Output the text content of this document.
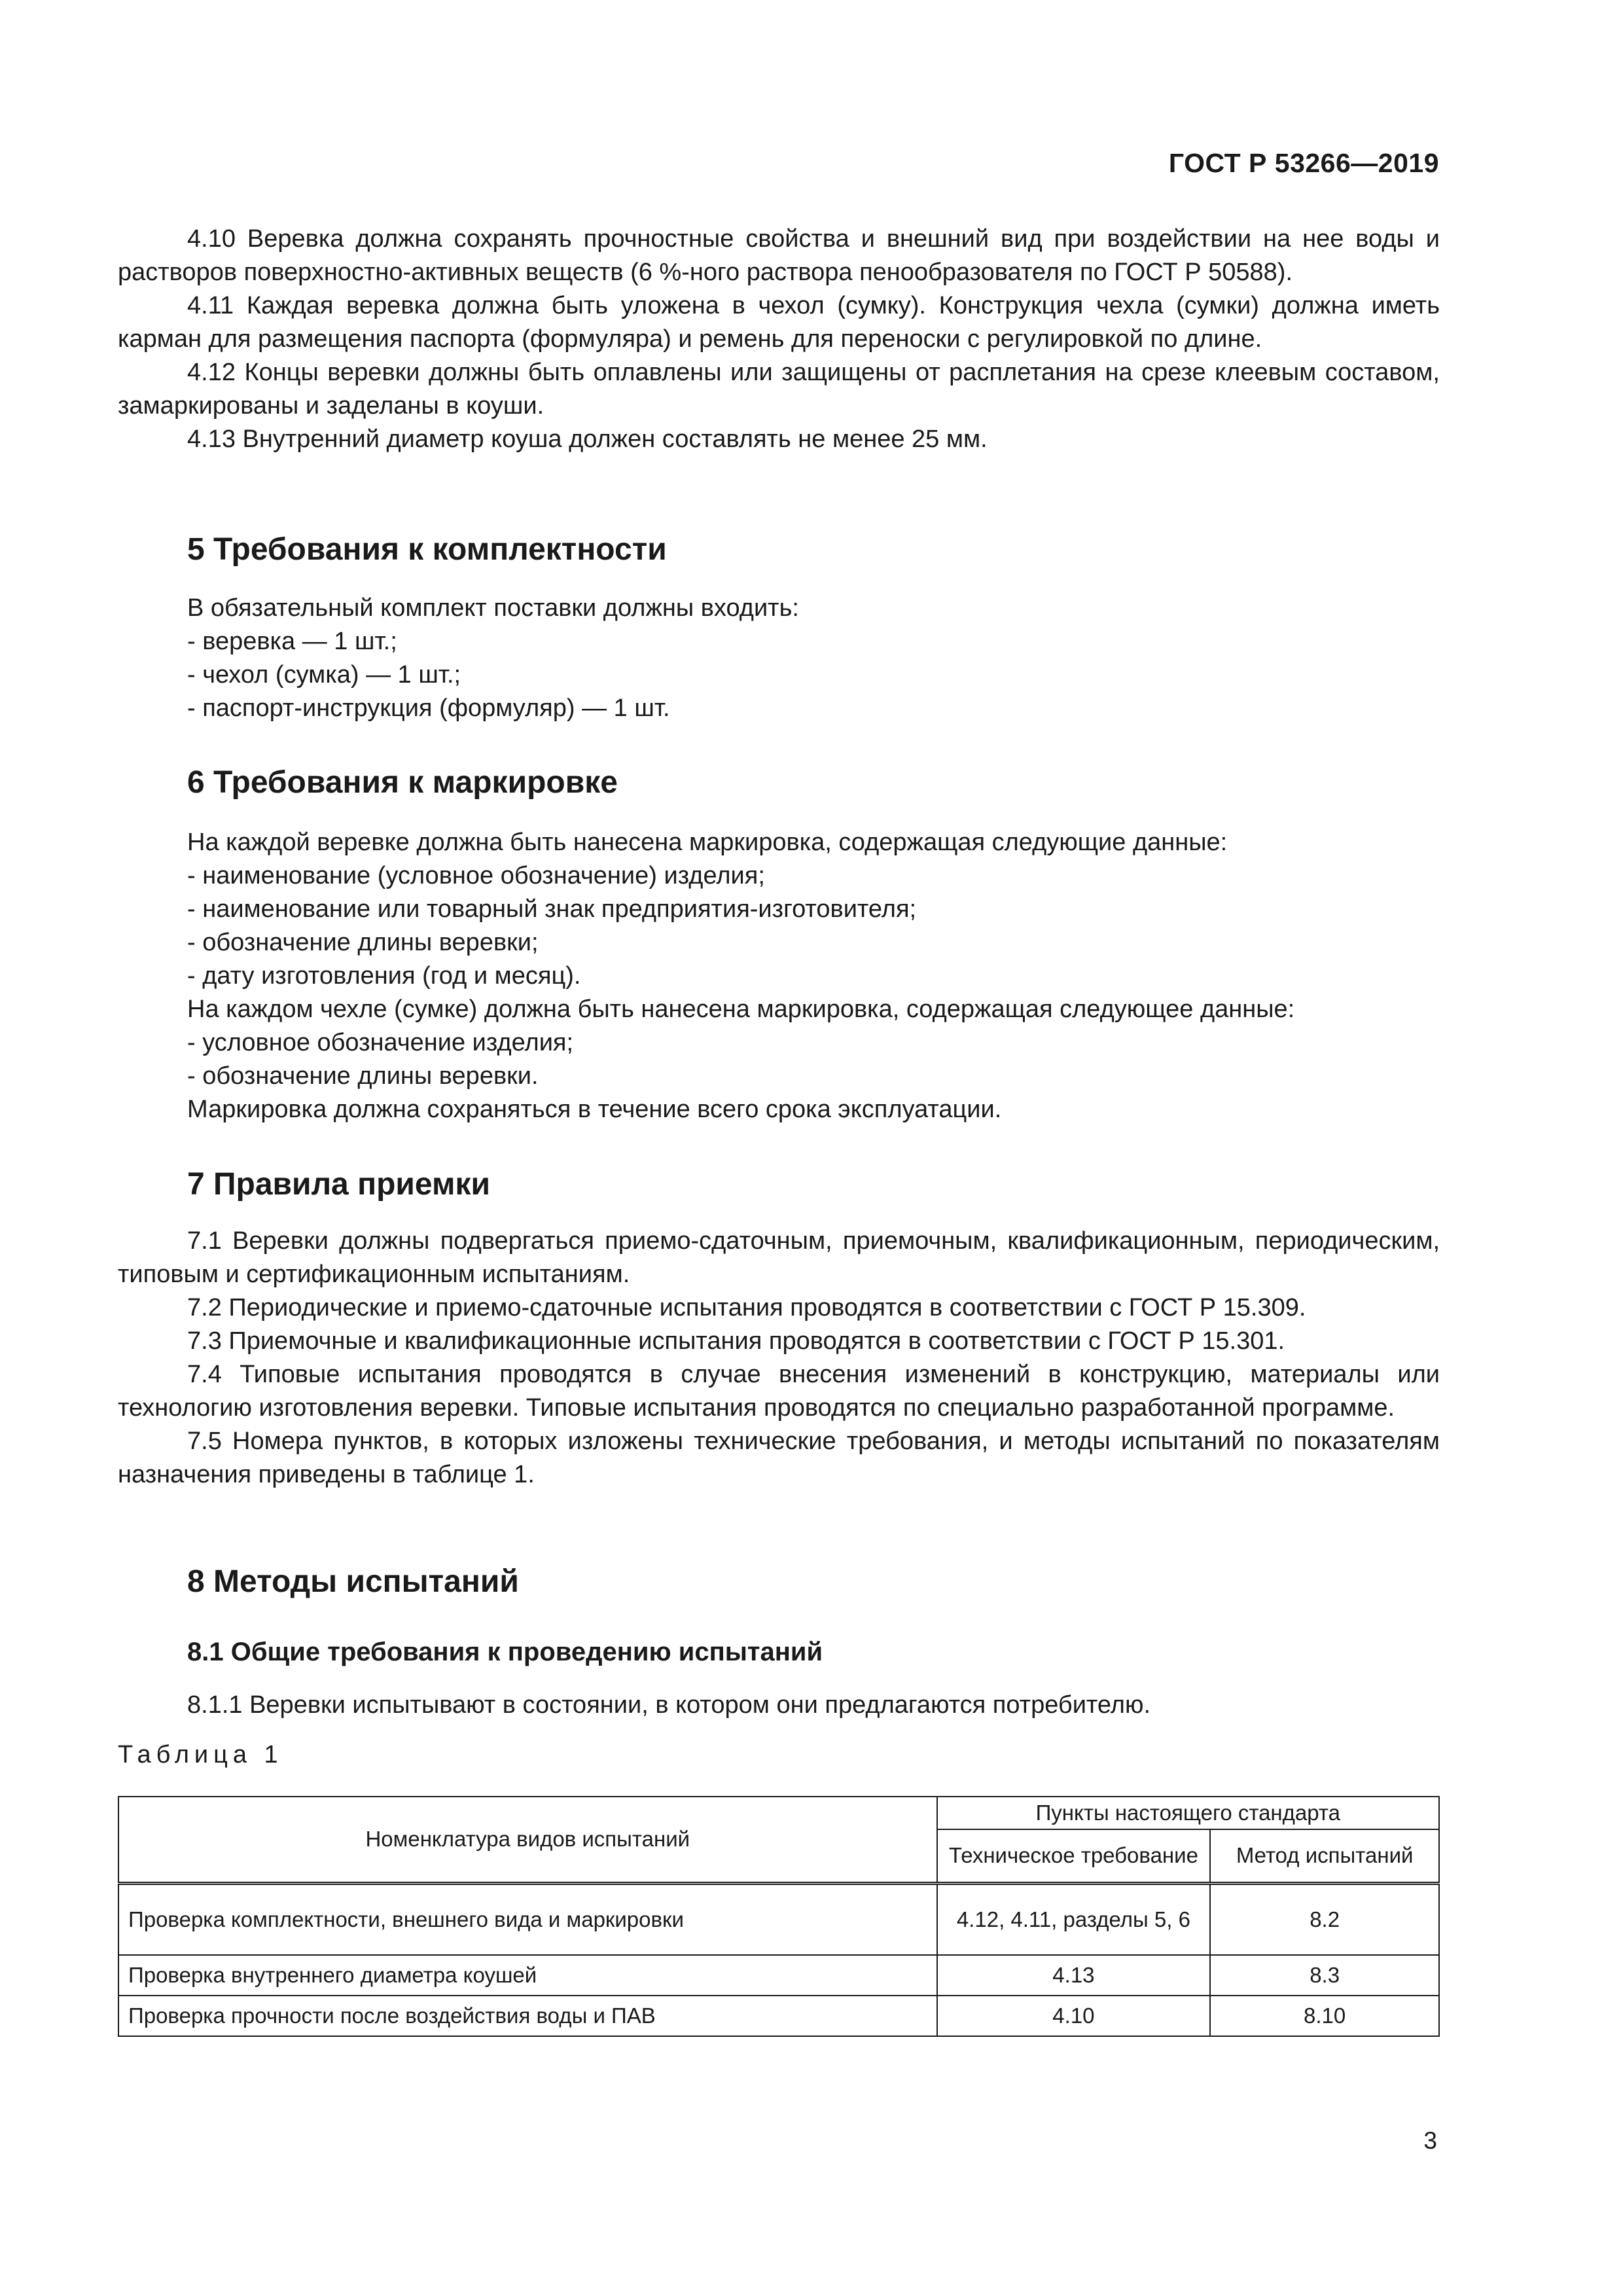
ГОСТ Р 53266—2019

4.10 Веревка должна сохранять прочностные свойства и внешний вид при воздействии на нее воды и растворов поверхностно-активных веществ (6 %-ного раствора пенообразователя по ГОСТ Р 50588).

4.11 Каждая веревка должна быть уложена в чехол (сумку). Конструкция чехла (сумки) должна иметь карман для размещения паспорта (формуляра) и ремень для переноски с регулировкой по длине.

4.12 Концы веревки должны быть оплавлены или защищены от расплетания на срезе клеевым составом, замаркированы и заделаны в коуши.

4.13 Внутренний диаметр коуша должен составлять не менее 25 мм.

5 Требования к комплектности

В обязательный комплект поставки должны входить:

- веревка — 1 шт.;
- чехол (сумка) — 1 шт.;
- паспорт-инструкция (формуляр) — 1 шт.
6 Требования к маркировке

На каждой веревке должна быть нанесена маркировка, содержащая следующие данные:

- наименование (условное обозначение) изделия;
- наименование или товарный знак предприятия-изготовителя;
- обозначение длины веревки;
- дату изготовления (год и месяц).

На каждом чехле (сумке) должна быть нанесена маркировка, содержащая следующее данные:

- условное обозначение изделия;
- обозначение длины веревки.

Маркировка должна сохраняться в течение всего срока эксплуатации.

7 Правила приемки

7.1 Веревки должны подвергаться приемо-сдаточным, приемочным, квалификационным, периодическим, типовым и сертификационным испытаниям.

7.2 Периодические и приемо-сдаточные испытания проводятся в соответствии с ГОСТ Р 15.309.

7.3 Приемочные и квалификационные испытания проводятся в соответствии с ГОСТ Р 15.301.

7.4 Типовые испытания проводятся в случае внесения изменений в конструкцию, материалы или технологию изготовления веревки. Типовые испытания проводятся по специально разработанной программе.

7.5 Номера пунктов, в которых изложены технические требования, и методы испытаний по показателям назначения приведены в таблице 1.

8 Методы испытаний
8.1 Общие требования к проведению испытаний

8.1.1 Веревки испытывают в состоянии, в котором они предлагаются потребителю.

Таблица 1
Номенклатура видов испытаний	Пункты настоящего стандарта	
	Техническое требование	Метод испытаний
Проверка комплектности, внешнего вида и маркировки	4.12, 4.11, разделы 5, 6	8.2
Проверка внутреннего диаметра коушей	4.13	8.3
Проверка прочности после воздействия воды и ПАВ	4.10	8.10
3
